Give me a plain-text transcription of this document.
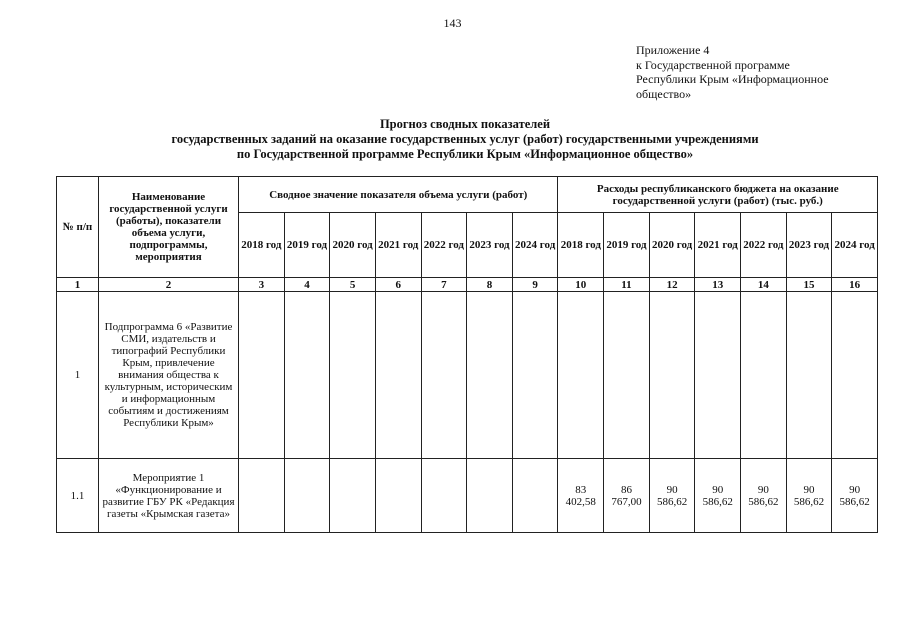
143
Приложение 4
к Государственной программе
Республики Крым «Информационное
общество»
Прогноз сводных показателей
государственных заданий на оказание государственных услуг (работ) государственными учреждениями
по Государственной программе Республики Крым «Информационное общество»
№ п/п	Наименование государственной услуги (работы), показатели объема услуги, подпрограммы, мероприятия	Сводное значение показателя объема услуги (работ)							Расходы республиканского бюджета на оказание государственной услуги (работ) (тыс. руб.)						
		2018 год	2019 год	2020 год	2021 год	2022 год	2023 год	2024 год	2018 год	2019 год	2020 год	2021 год	2022 год	2023 год	2024 год
1	2	3	4	5	6	7	8	9	10	11	12	13	14	15	16
1	Подпрограмма 6 «Развитие СМИ, издательств и типографий Республики Крым, привлечение внимания общества к культурным, историческим и информационным событиям и достижениям Республики Крым»														
1.1	Мероприятие 1 «Функционирование и развитие ГБУ РК «Редакция газеты «Крымская газета»								83 402,58	86 767,00	90 586,62	90 586,62	90 586,62	90 586,62	90 586,62
